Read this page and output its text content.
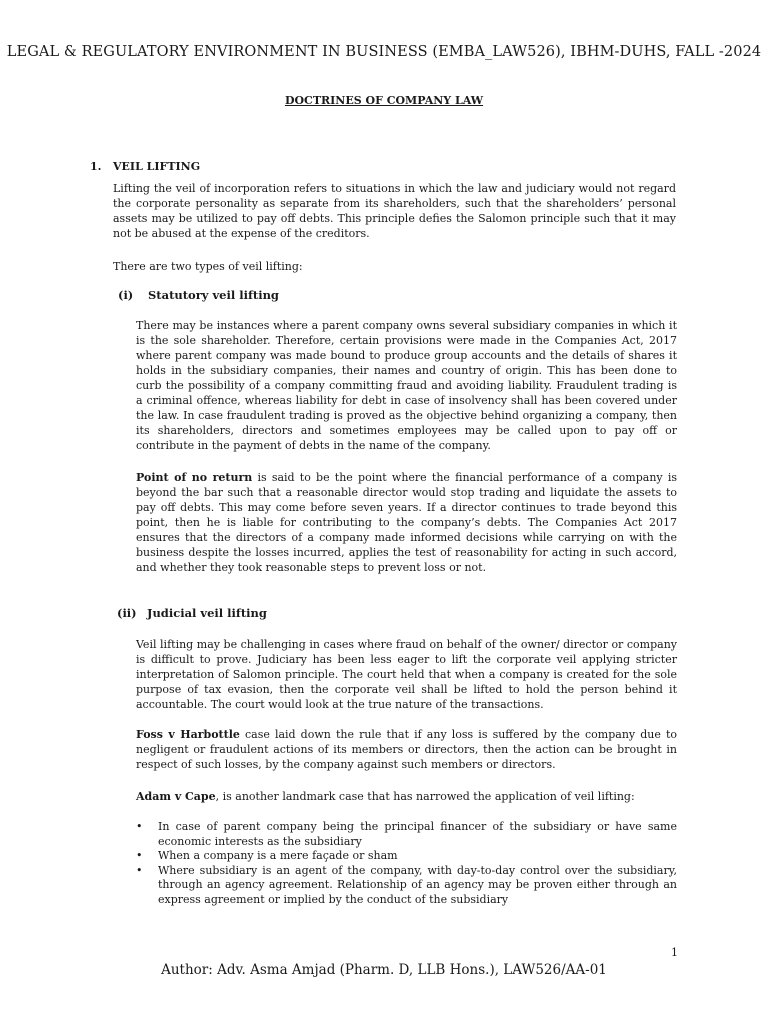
LEGAL & REGULATORY ENVIRONMENT IN BUSINESS (EMBA_LAW526), IBHM-DUHS, FALL -2024
DOCTRINES OF COMPANY LAW
1. VEIL LIFTING
Lifting the veil of incorporation refers to situations in which the law and judiciary would not regard the corporate personality as separate from its shareholders, such that the shareholders’ personal assets may be utilized to pay off debts. This principle defies the Salomon principle such that it may not be abused at the expense of the creditors.
There are two types of veil lifting:
(i) Statutory veil lifting
There may be instances where a parent company owns several subsidiary companies in which it is the sole shareholder. Therefore, certain provisions were made in the Companies Act, 2017 where parent company was made bound to produce group accounts and the details of shares it holds in the subsidiary companies, their names and country of origin. This has been done to curb the possibility of a company committing fraud and avoiding liability. Fraudulent trading is a criminal offence, whereas liability for debt in case of insolvency shall has been covered under the law. In case fraudulent trading is proved as the objective behind organizing a company, then its shareholders, directors and sometimes employees may be called upon to pay off or contribute in the payment of debts in the name of the company.
Point of no return is said to be the point where the financial performance of a company is beyond the bar such that a reasonable director would stop trading and liquidate the assets to pay off debts. This may come before seven years. If a director continues to trade beyond this point, then he is liable for contributing to the company’s debts. The Companies Act 2017 ensures that the directors of a company made informed decisions while carrying on with the business despite the losses incurred, applies the test of reasonability for acting in such accord, and whether they took reasonable steps to prevent loss or not.
(ii) Judicial veil lifting
Veil lifting may be challenging in cases where fraud on behalf of the owner/ director or company is difficult to prove. Judiciary has been less eager to lift the corporate veil applying stricter interpretation of Salomon principle. The court held that when a company is created for the sole purpose of tax evasion, then the corporate veil shall be lifted to hold the person behind it accountable. The court would look at the true nature of the transactions.
Foss v Harbottle case laid down the rule that if any loss is suffered by the company due to negligent or fraudulent actions of its members or directors, then the action can be brought in respect of such losses, by the company against such members or directors.
Adam v Cape, is another landmark case that has narrowed the application of veil lifting:
• In case of parent company being the principal financer of the subsidiary or have same economic interests as the subsidiary
• When a company is a mere façade or sham
• Where subsidiary is an agent of the company, with day-to-day control over the subsidiary, through an agency agreement. Relationship of an agency may be proven either through an express agreement or implied by the conduct of the subsidiary
1
Author: Adv. Asma Amjad (Pharm. D, LLB Hons.), LAW526/AA-01
